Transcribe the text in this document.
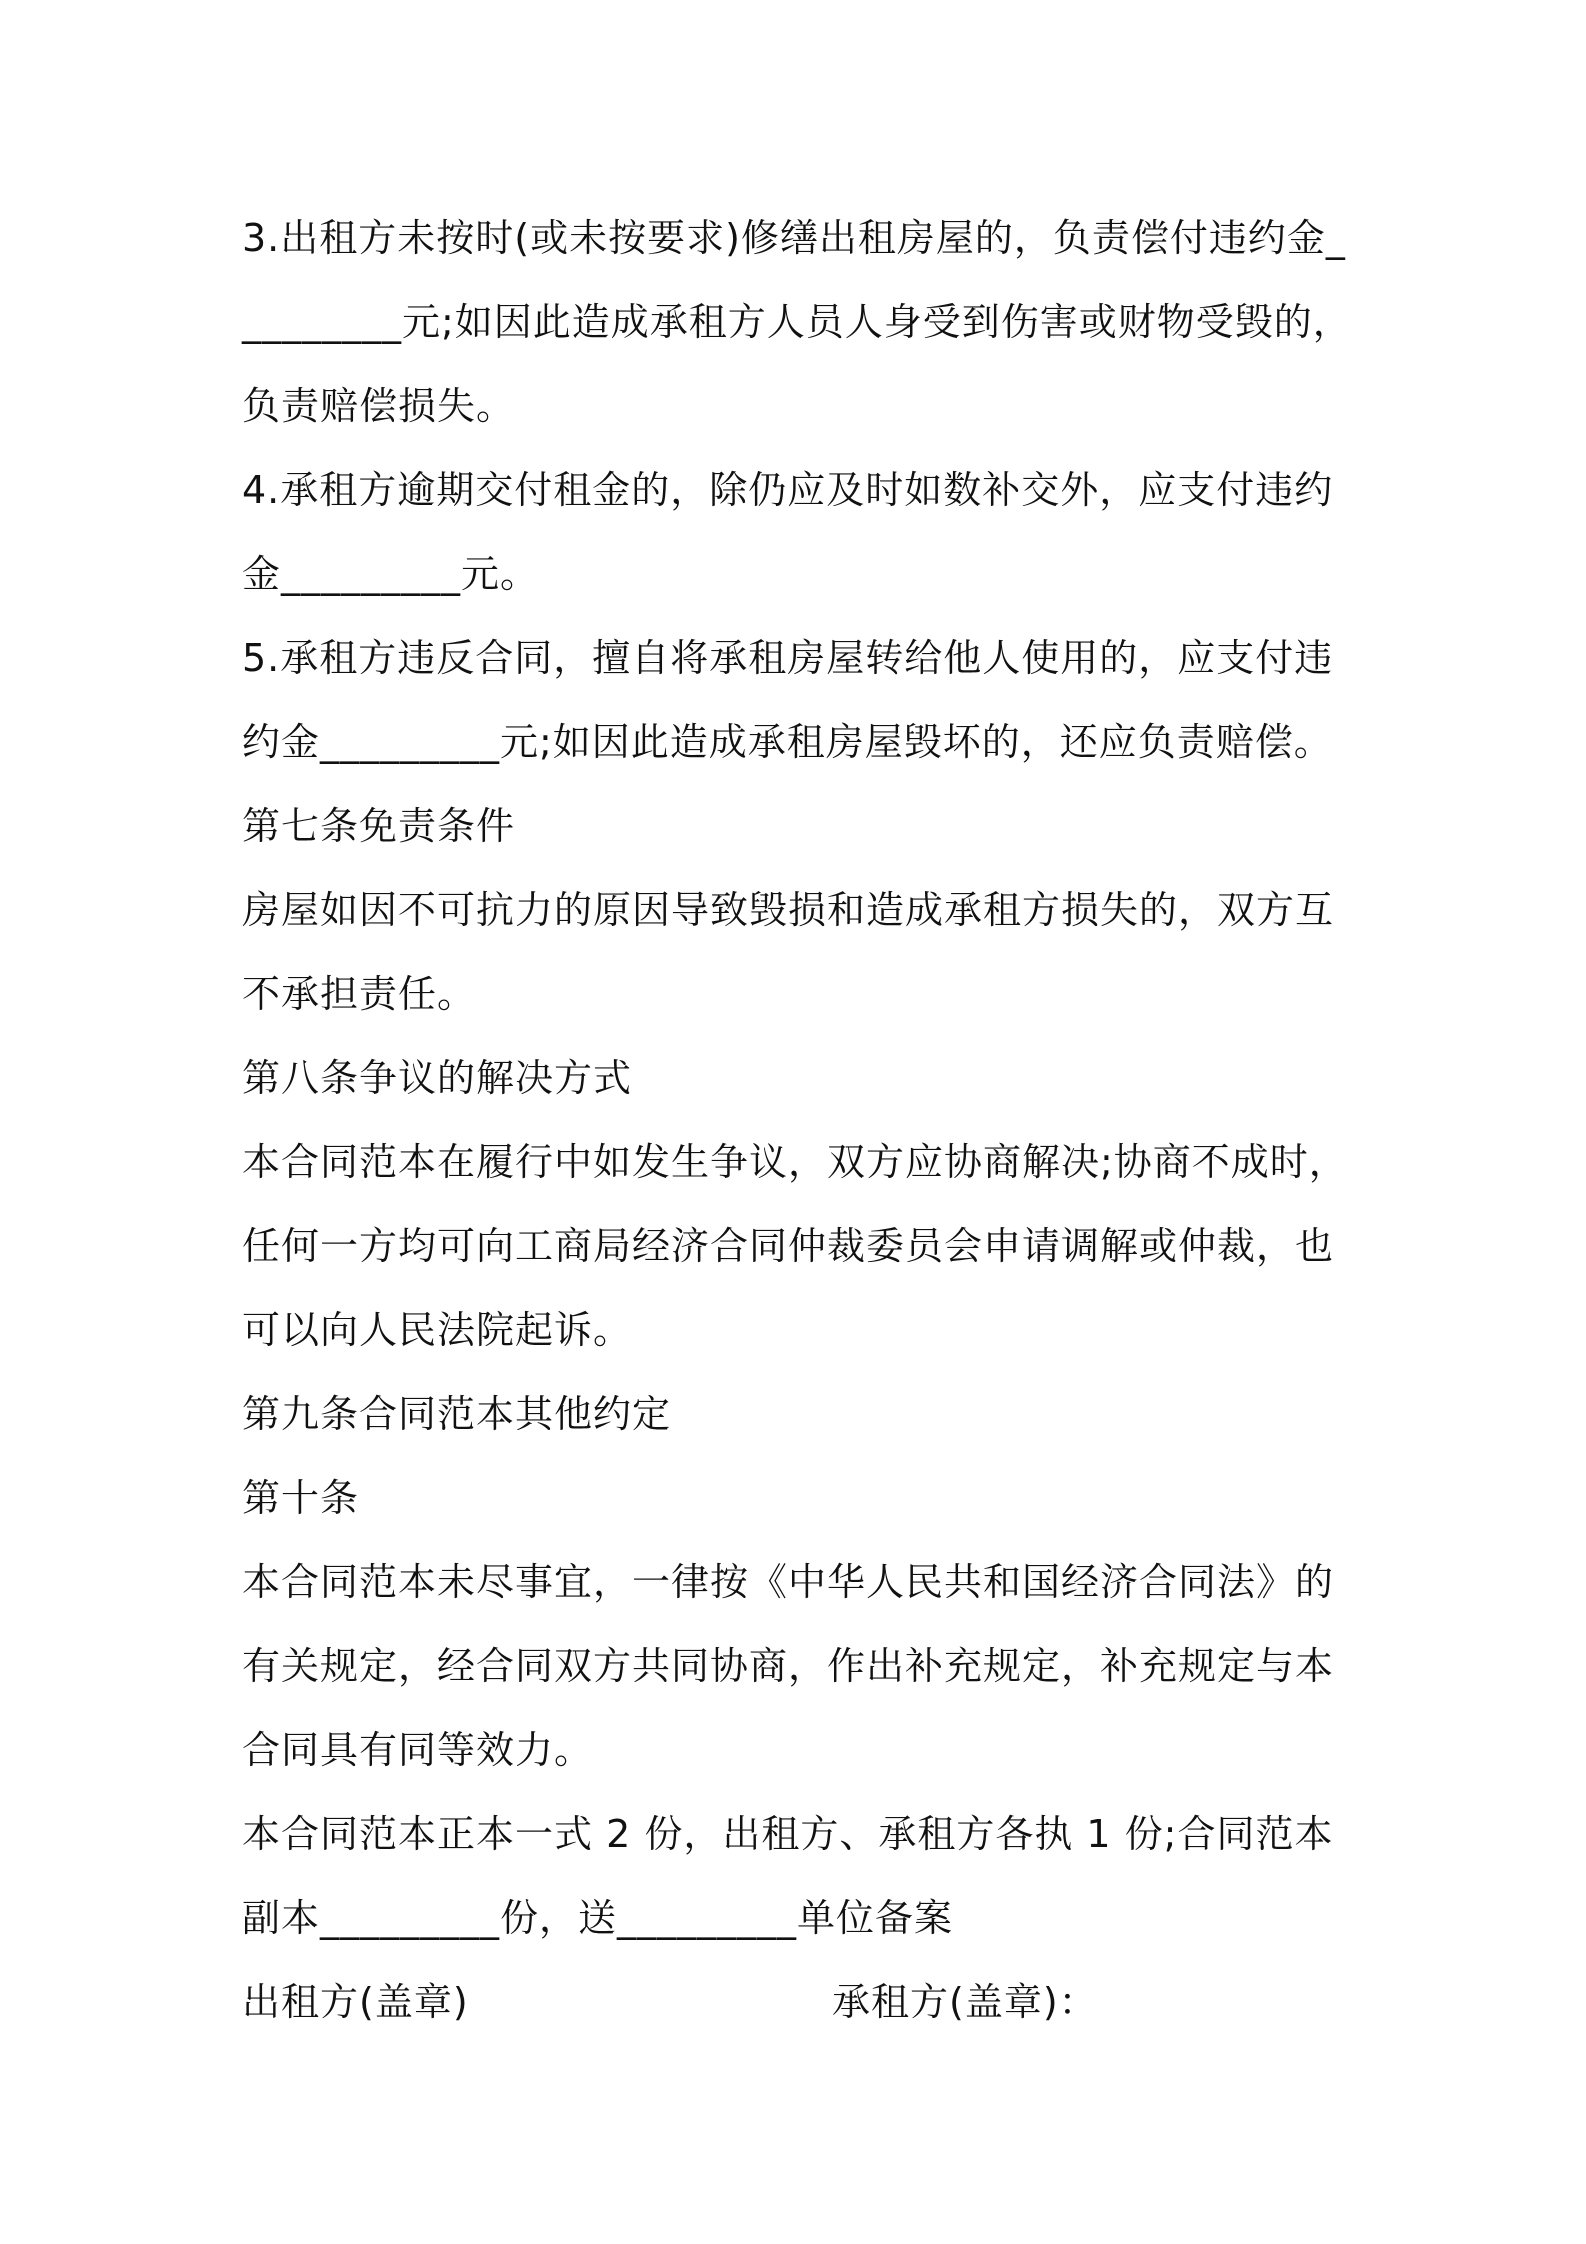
3.出租方未按时(或未按要求)修缮出租房屋的，负责偿付违约金_________元;如因此造成承租方人员人身受到伤害或财物受毁的，负责赔偿损失。

4.承租方逾期交付租金的，除仍应及时如数补交外，应支付违约金_________元。

5.承租方违反合同，擅自将承租房屋转给他人使用的，应支付违约金_________元;如因此造成承租房屋毁坏的，还应负责赔偿。

第七条免责条件

房屋如因不可抗力的原因导致毁损和造成承租方损失的，双方互不承担责任。

第八条争议的解决方式

本合同范本在履行中如发生争议，双方应协商解决;协商不成时，任何一方均可向工商局经济合同仲裁委员会申请调解或仲裁，也可以向人民法院起诉。

第九条合同范本其他约定

第十条

本合同范本未尽事宜，一律按《中华人民共和国经济合同法》的有关规定，经合同双方共同协商，作出补充规定，补充规定与本合同具有同等效力。

本合同范本正本一式 2 份，出租方、承租方各执 1 份;合同范本副本_________份，送_________单位备案

出租方(盖章)	承租方(盖章)：
